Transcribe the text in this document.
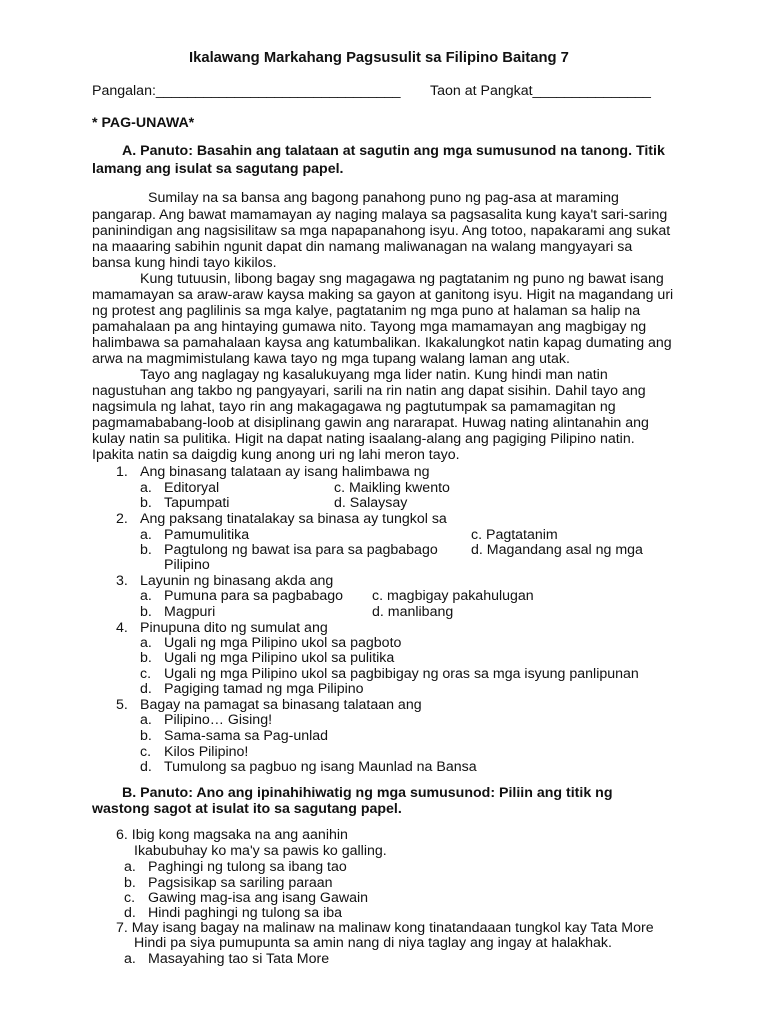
Ikalawang Markahang Pagsusulit sa Filipino Baitang 7
Pangalan:_______________________________ Taon at Pangkat_______________
* PAG-UNAWA*
A. Panuto: Basahin ang talataan at sagutin ang mga sumusunod na tanong. Titik
lamang ang isulat sa sagutang papel.
Sumilay na sa bansa ang bagong panahong puno ng pag-asa at maraming
pangarap. Ang bawat mamamayan ay naging malaya sa pagsasalita kung kaya't sari-saring
paninindigan ang nagsisilitaw sa mga napapanahong isyu. Ang totoo, napakarami ang sukat
na maaaring sabihin ngunit dapat din namang maliwanagan na walang mangyayari sa
bansa kung hindi tayo kikilos.
Kung tutuusin, libong bagay sng magagawa ng pagtatanim ng puno ng bawat isang
mamamayan sa araw-araw kaysa making sa gayon at ganitong isyu. Higit na magandang uri
ng protest ang paglilinis sa mga kalye, pagtatanim ng mga puno at halaman sa halip na
pamahalaan pa ang hintaying gumawa nito. Tayong mga mamamayan ang magbigay ng
halimbawa sa pamahalaan kaysa ang katumbalikan. Ikakalungkot natin kapag dumating ang
arwa na magmimistulang kawa tayo ng mga tupang walang laman ang utak.
Tayo ang naglagay ng kasalukuyang mga lider natin. Kung hindi man natin
nagustuhan ang takbo ng pangyayari, sarili na rin natin ang dapat sisihin. Dahil tayo ang
nagsimula ng lahat, tayo rin ang makagagawa ng pagtutumpak sa pamamagitan ng
pagmamababang-loob at disiplinang gawin ang nararapat. Huwag nating alintanahin ang
kulay natin sa pulitika. Higit na dapat nating isaalang-alang ang pagiging Pilipino natin.
Ipakita natin sa daigdig kung anong uri ng lahi meron tayo.
1. Ang binasang talataan ay isang halimbawa ng
a. Editoryal	c. Maikling kwento
b. Tapumpati	d. Salaysay
2. Ang paksang tinatalakay sa binasa ay tungkol sa
a. Pamumulitika	c. Pagtatanim
b. Pagtulong ng bawat isa para sa pagbabago d. Magandang asal ng mga
Pilipino
3. Layunin ng binasang akda ang
a. Pumuna para sa pagbabago c. magbigay pakahulugan
b. Magpuri	d. manlibang
4. Pinupuna dito ng sumulat ang
a. Ugali ng mga Pilipino ukol sa pagboto
b. Ugali ng mga Pilipino ukol sa pulitika
c. Ugali ng mga Pilipino ukol sa pagbibigay ng oras sa mga isyung panlipunan
d. Pagiging tamad ng mga Pilipino
5. Bagay na pamagat sa binasang talataan ang
a. Pilipino… Gising!
b. Sama-sama sa Pag-unlad
c. Kilos Pilipino!
d. Tumulong sa pagbuo ng isang Maunlad na Bansa
B. Panuto: Ano ang ipinahihiwatig ng mga sumusunod: Piliin ang titik ng
wastong sagot at isulat ito sa sagutang papel.
6. Ibig kong magsaka na ang aanihin
Ikabubuhay ko ma'y sa pawis ko galling.
a. Paghingi ng tulong sa ibang tao
b. Pagsisikap sa sariling paraan
c. Gawing mag-isa ang isang Gawain
d. Hindi paghingi ng tulong sa iba
7. May isang bagay na malinaw na malinaw kong tinatandaaan tungkol kay Tata More
Hindi pa siya pumupunta sa amin nang di niya taglay ang ingay at halakhak.
a. Masayahing tao si Tata More
